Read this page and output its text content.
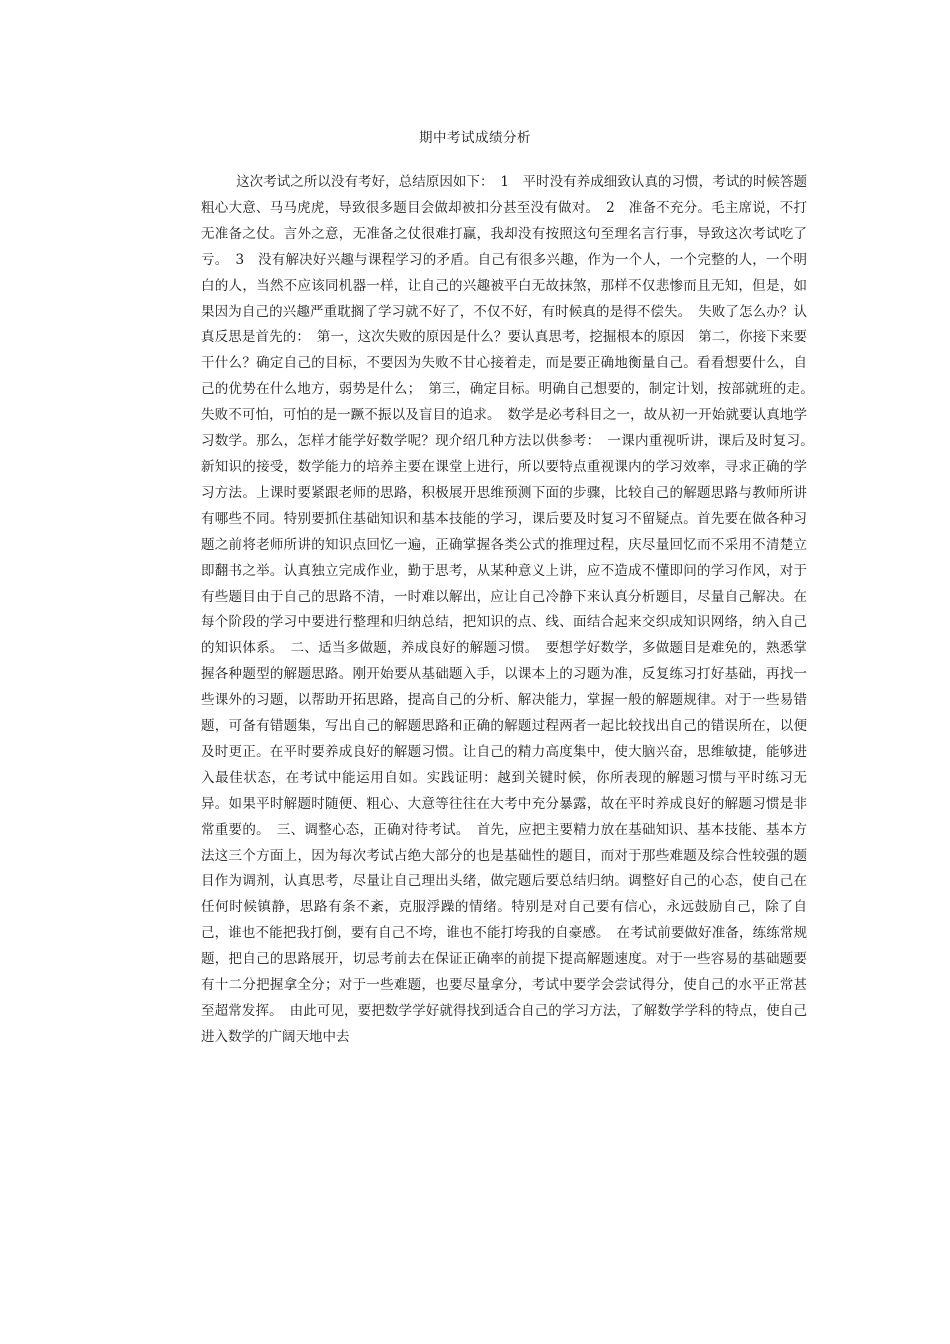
期中考试成绩分析

这次考试之所以没有考好，总结原因如下：　1　平时没有养成细致认真的习惯，考试的时候答题粗心大意、马马虎虎，导致很多题目会做却被扣分甚至没有做对。　2　准备不充分。毛主席说，不打无准备之仗。言外之意，无准备之仗很难打赢，我却没有按照这句至理名言行事，导致这次考试吃了亏。　3　没有解决好兴趣与课程学习的矛盾。自己有很多兴趣，作为一个人，一个完整的人，一个明白的人，当然不应该同机器一样，让自己的兴趣被平白无故抹煞，那样不仅悲惨而且无知，但是，如果因为自己的兴趣严重耽搁了学习就不好了，不仅不好，有时候真的是得不偿失。　失败了怎么办？认真反思是首先的：　第一，这次失败的原因是什么？要认真思考，挖掘根本的原因　第二，你接下来要干什么？确定自己的目标，不要因为失败不甘心接着走，而是要正确地衡量自己。看看想要什么，自己的优势在什么地方，弱势是什么；　第三，确定目标。明确自己想要的，制定计划，按部就班的走。　失败不可怕，可怕的是一蹶不振以及盲目的追求。　数学是必考科目之一，故从初一开始就要认真地学习数学。那么，怎样才能学好数学呢？现介绍几种方法以供参考：　一课内重视听讲，课后及时复习。　新知识的接受，数学能力的培养主要在课堂上进行，所以要特点重视课内的学习效率，寻求正确的学习方法。上课时要紧跟老师的思路，积极展开思维预测下面的步骤，比较自己的解题思路与教师所讲有哪些不同。特别要抓住基础知识和基本技能的学习，课后要及时复习不留疑点。首先要在做各种习题之前将老师所讲的知识点回忆一遍，正确掌握各类公式的推理过程，庆尽量回忆而不采用不清楚立即翻书之举。认真独立完成作业，勤于思考，从某种意义上讲，应不造成不懂即问的学习作风，对于有些题目由于自己的思路不清，一时难以解出，应让自己冷静下来认真分析题目，尽量自己解决。在每个阶段的学习中要进行整理和归纳总结，把知识的点、线、面结合起来交织成知识网络，纳入自己的知识体系。　二、适当多做题，养成良好的解题习惯。　要想学好数学，多做题目是难免的，熟悉掌握各种题型的解题思路。刚开始要从基础题入手，以课本上的习题为准，反复练习打好基础，再找一些课外的习题，以帮助开拓思路，提高自己的分析、解决能力，掌握一般的解题规律。对于一些易错题，可备有错题集，写出自己的解题思路和正确的解题过程两者一起比较找出自己的错误所在，以便及时更正。在平时要养成良好的解题习惯。让自己的精力高度集中，使大脑兴奋，思维敏捷，能够进入最佳状态，在考试中能运用自如。实践证明：越到关键时候，你所表现的解题习惯与平时练习无异。如果平时解题时随便、粗心、大意等往往在大考中充分暴露，故在平时养成良好的解题习惯是非常重要的。　三、调整心态，正确对待考试。　首先，应把主要精力放在基础知识、基本技能、基本方法这三个方面上，因为每次考试占绝大部分的也是基础性的题目，而对于那些难题及综合性较强的题目作为调剂，认真思考，尽量让自己理出头绪，做完题后要总结归纳。调整好自己的心态，使自己在任何时候镇静，思路有条不紊，克服浮躁的情绪。特别是对自己要有信心，永远鼓励自己，除了自己，谁也不能把我打倒，要有自己不垮，谁也不能打垮我的自豪感。　在考试前要做好准备，练练常规题，把自己的思路展开，切忌考前去在保证正确率的前提下提高解题速度。对于一些容易的基础题要有十二分把握拿全分；对于一些难题，也要尽量拿分，考试中要学会尝试得分，使自己的水平正常甚至超常发挥。　由此可见，要把数学学好就得找到适合自己的学习方法，了解数学学科的特点，使自己进入数学的广阔天地中去
